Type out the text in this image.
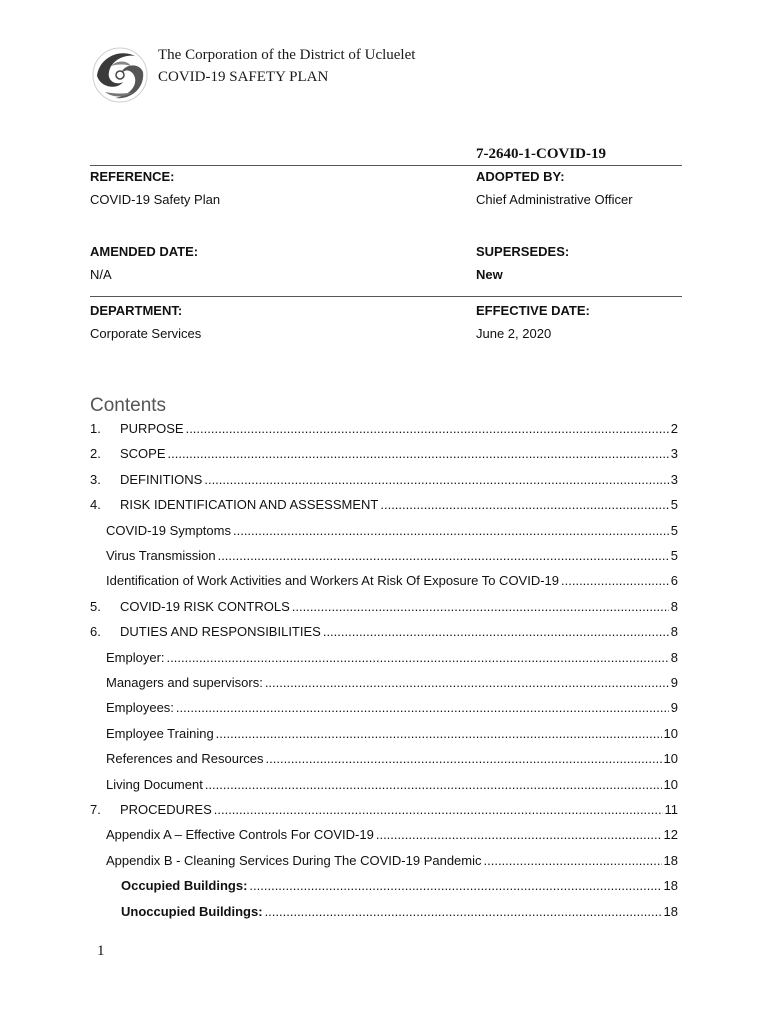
The Corporation of the District of Ucluelet
COVID-19 SAFETY PLAN
7-2640-1-COVID-19
REFERENCE:
COVID-19 Safety Plan
ADOPTED BY:
Chief Administrative Officer
AMENDED DATE:
N/A
SUPERSEDES:
New
DEPARTMENT:
Corporate Services
EFFECTIVE DATE:
June 2, 2020
Contents
1.	PURPOSE .....	2
2.	SCOPE .....	3
3.	DEFINITIONS .....	3
4.	RISK IDENTIFICATION AND ASSESSMENT .....	5
COVID-19 Symptoms .....	5
Virus Transmission .....	5
Identification of Work Activities and Workers At Risk Of Exposure To COVID-19 .....	6
5.	COVID-19 RISK CONTROLS .....	8
6.	DUTIES AND RESPONSIBILITIES .....	8
Employer: .....	8
Managers and supervisors: .....	9
Employees: .....	9
Employee Training .....	10
References and Resources .....	10
Living Document .....	10
7.	PROCEDURES .....	11
Appendix A – Effective Controls For COVID-19 .....	12
Appendix B - Cleaning Services During The COVID-19 Pandemic .....	18
Occupied Buildings: .....	18
Unoccupied Buildings: .....	18
1
